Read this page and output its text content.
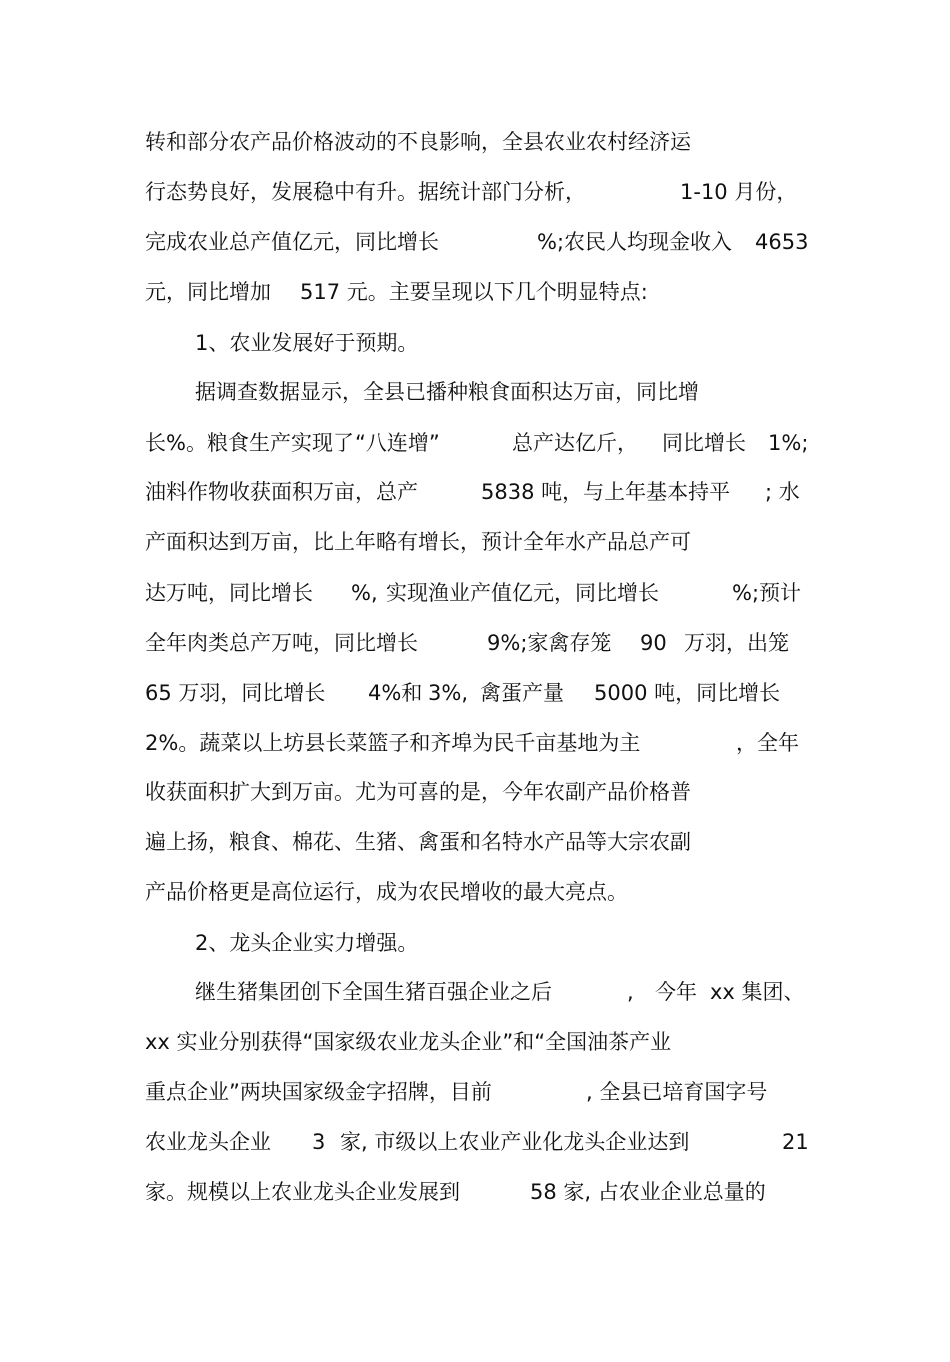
转和部分农产品价格波动的不良影响，全县农业农村经济运

行态势良好，发展稳中有升。据统计部门分析，

	1-10 月份，

完成农业总产值亿元，同比增长

	%;农民人均现金收入

4653

元，同比增加

517 元。主要呈现以下几个明显特点:

1、农业发展好于预期。

据调查数据显示，全县已播种粮食面积达万亩，同比增

长%。粮食生产实现了

“八连增”

	总产达亿斤，

同比增长

1%;

油料作物收获面积万亩，总产

	5838 吨，与上年基本持平

; 水

产面积达到万亩，比上年略有增长，预计全年水产品总产可

达万吨，同比增长

%,

实现渔业产值亿元，同比增长

	%;预计

全年肉类总产万吨，同比增长

	9%;家禽存笼

90

万羽，出笼

65 万羽，同比增长

4%和

3%,

禽蛋产量

5000 吨，同比增长

2%。蔬菜以上坊县长菜篮子和齐埠为民千亩基地为主

	，全年

收获面积扩大到万亩。尤为可喜的是，今年农副产品价格普

遍上扬，粮食、棉花、生猪、禽蛋和名特水产品等大宗农副

产品价格更是高位运行，成为农民增收的最大亮点。

2、龙头企业实力增强。

继生猪集团创下全国生猪百强企业之后

	,

今年

xx 集团、

xx 实业分别获得“国家级农业龙头企业”和“全国油茶产业

重点企业”两块国家级金字招牌，目前

	, 全县已培育国字号

农业龙头企业

3

家, 市级以上农业产业化龙头企业达到

	21

家。规模以上农业龙头企业发展到

	58 家, 占农业企业总量的
